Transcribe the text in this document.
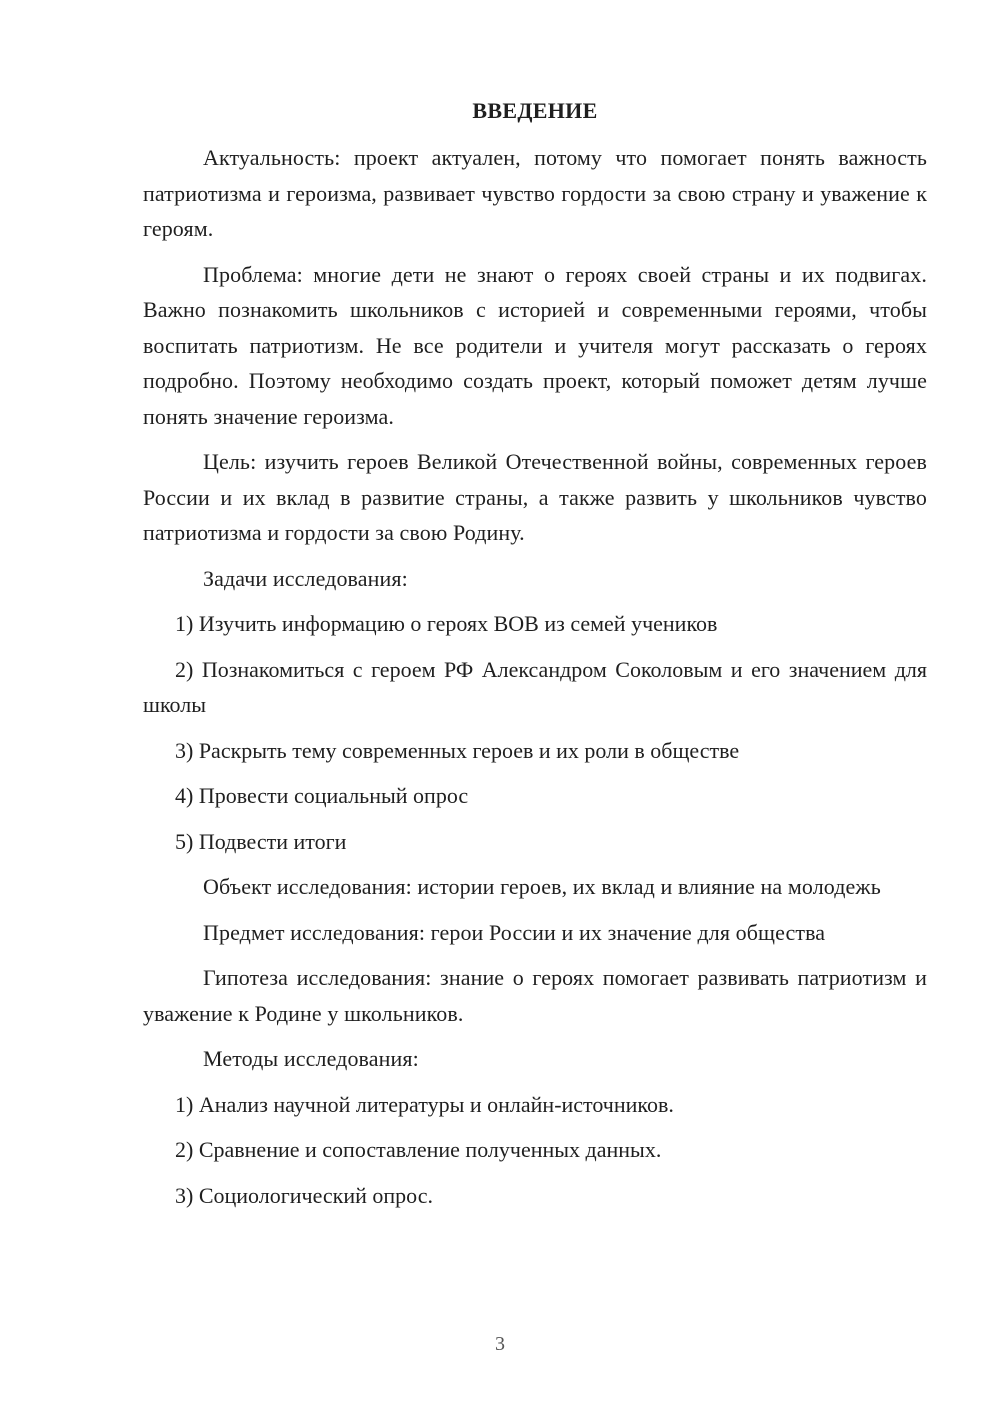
ВВЕДЕНИЕ

Актуальность: проект актуален, потому что помогает понять важность патриотизма и героизма, развивает чувство гордости за свою страну и уважение к героям.

Проблема: многие дети не знают о героях своей страны и их подвигах. Важно познакомить школьников с историей и современными героями, чтобы воспитать патриотизм. Не все родители и учителя могут рассказать о героях подробно. Поэтому необходимо создать проект, который поможет детям лучше понять значение героизма.

Цель: изучить героев Великой Отечественной войны, современных героев России и их вклад в развитие страны, а также развить у школьников чувство патриотизма и гордости за свою Родину.

Задачи исследования:

1) Изучить информацию о героях ВОВ из семей учеников

2) Познакомиться с героем РФ Александром Соколовым и его значением для школы

3) Раскрыть тему современных героев и их роли в обществе

4) Провести социальный опрос

5) Подвести итоги

Объект исследования: истории героев, их вклад и влияние на молодежь

Предмет исследования: герои России и их значение для общества

Гипотеза исследования: знание о героях помогает развивать патриотизм и уважение к Родине у школьников.

Методы исследования:

1) Анализ научной литературы и онлайн-источников.

2) Сравнение и сопоставление полученных данных.

3) Социологический опрос.

3
